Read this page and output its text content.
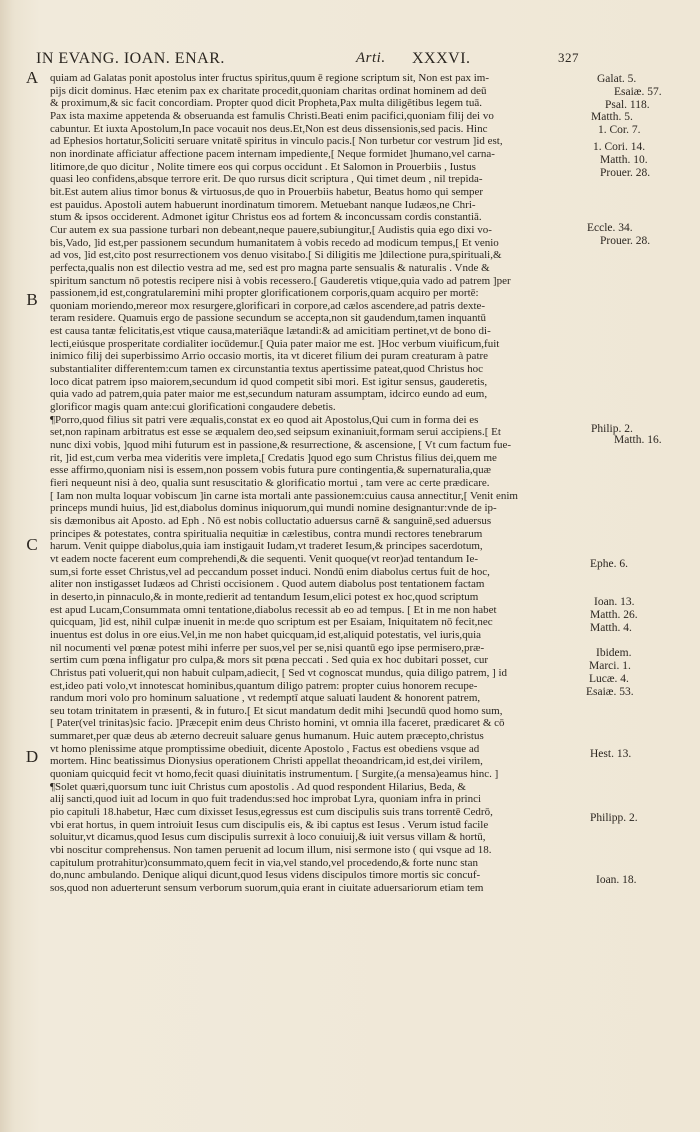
IN EVANG. IOAN. ENAR.	Arti. XXXVI.	327
A
B
C
D
quiam ad Galatas ponit apostolus inter fructus spiritus,quum ē regione scriptum sit, Non est pax im-
pijs dicit dominus. Hæc etenim pax ex charitate procedit,quoniam charitas ordinat hominem ad deū
& proximum,& sic facit concordiam. Propter quod dicit Propheta,Pax multa diligētibus legem tuā.
Pax ista maxime appetenda & obseruanda est famulis Christi.Beati enim pacifici,quoniam filij dei vo
cabuntur. Et iuxta Apostolum,In pace vocauit nos deus.Et,Non est deus dissensionis,sed pacis. Hinc
ad Ephesios hortatur,Soliciti seruare vnitatē spiritus in vinculo pacis.[ Non turbetur cor vestrum ]id est,
non inordinate afficiatur affectione pacem internam impediente,[ Neque formidet ]humano,vel carna-
litimore,de quo dicitur , Nolite timere eos qui corpus occidunt . Et Salomon in Prouerbiis , Iustus
quasi leo confidens,absque terrore erit. De quo rursus dicit scriptura , Qui timet deum , nil trepida-
bit.Est autem alius timor bonus & virtuosus,de quo in Prouerbiis habetur, Beatus homo qui semper
est pauidus. Apostoli autem habuerunt inordinatum timorem. Metuebant nanque Iudæos,ne Chri-
stum & ipsos occiderent. Admonet igitur Christus eos ad fortem & inconcussam cordis constantiā.
Cur autem ex sua passione turbari non debeant,neque pauere,subiungitur,[ Audistis quia ego dixi vo-
bis,Vado, ]id est,per passionem secundum humanitatem à vobis recedo ad modicum tempus,[ Et venio
ad vos, ]id est,cito post resurrectionem vos denuo visitabo.[ Si diligitis me ]dilectione pura,spirituali,&
perfecta,qualis non est dilectio vestra ad me, sed est pro magna parte sensualis & naturalis . Vnde &
spiritum sanctum nō potestis recipere nisi à vobis recessero.[ Gauderetis vtique,quia vado ad patrem ]per
passionem,id est,congratularemini mihi propter glorificationem corporis,quam acquiro per mortē:
quoniam moriendo,mereor mox resurgere,glorificari in corpore,ad cælos ascendere,ad patris dexte-
teram residere. Quamuis ergo de passione secundum se accepta,non sit gaudendum,tamen inquantū
est causa tantæ felicitatis,est vtique causa,materiāque lætandi:& ad amicitiam pertinet,vt de bono di-
lecti,eiúsque prosperitate cordialiter iocūdemur.[ Quia pater maior me est. ]Hoc verbum viuificum,fuit
inimico filij dei superbissimo Arrio occasio mortis, ita vt diceret filium dei puram creaturam à patre
substantialiter differentem:cum tamen ex circunstantia textus apertissime pateat,quod Christus hoc
loco dicat patrem ipso maiorem,secundum id quod competit sibi mori. Est igitur sensus, gauderetis,
quia vado ad patrem,quia pater maior me est,secundum naturam assumptam, idcirco eundo ad eum,
glorificor magis quam ante:cui glorificationi congaudere debetis.
¶Porro,quod filius sit patri vere æqualis,constat ex eo quod ait Apostolus,Qui cum in forma dei es
set,non rapinam arbitratus est esse se æqualem deo,sed seipsum exinaniuit,formam serui accipiens.[ Et
nunc dixi vobis, ]quod mihi futurum est in passione,& resurrectione, & ascensione, [ Vt cum factum fue-
rit, ]id est,cum verba mea videritis vere impleta,[ Credatis ]quod ego sum Christus filius dei,quem me
esse affirmo,quoniam nisi is essem,non possem vobis futura pure contingentia,& supernaturalia,quæ
fieri nequeunt nisi à deo, qualia sunt resuscitatio & glorificatio mortui , tam vere ac certe prædicare.
[ Iam non multa loquar vobiscum ]in carne ista mortali ante passionem:cuius causa annectitur,[ Venit enim
princeps mundi huius, ]id est,diabolus dominus iniquorum,qui mundi nomine designantur:vnde de ip-
sis dæmonibus ait Aposto. ad Eph . Nō est nobis colluctatio aduersus carnē & sanguinē,sed aduersus
principes & potestates, contra spiritualia nequitiæ in cælestibus, contra mundi rectores tenebrarum
harum. Venit quippe diabolus,quia iam instigauit Iudam,vt traderet Iesum,& principes sacerdotum,
vt eadem nocte facerent eum comprehendi,& die sequenti. Venit quoque(vt reor)ad tentandum Ie-
sum,si forte esset Christus,vel ad peccandum posset induci. Nondū enim diabolus certus fuit de hoc,
aliter non instigasset Iudæos ad Christi occisionem . Quod autem diabolus post tentationem factam
in deserto,in pinnaculo,& in monte,redierit ad tentandum Iesum,elici potest ex hoc,quod scriptum
est apud Lucam,Consummata omni tentatione,diabolus recessit ab eo ad tempus. [ Et in me non habet
quicquam, ]id est, nihil culpæ inuenit in me:de quo scriptum est per Esaiam, Iniquitatem nō fecit,nec
inuentus est dolus in ore eius.Vel,in me non habet quicquam,id est,aliquid potestatis, vel iuris,quia
nil nocumenti vel pœnæ potest mihi inferre per suos,vel per se,nisi quantū ego ipse permisero,præ-
sertim cum pœna infligatur pro culpa,& mors sit pœna peccati . Sed quia ex hoc dubitari posset, cur
Christus pati voluerit,qui non habuit culpam,adiecit, [ Sed vt cognoscat mundus, quia diligo patrem, ] id
est,ideo pati volo,vt innotescat hominibus,quantum diligo patrem: propter cuius honorem recupe-
randum mori volo pro hominum saluatione , vt redemptī atque saluati laudent & honorent patrem,
seu totam trinitatem in præsenti, & in futuro.[ Et sicut mandatum dedit mihi ]secundū quod homo sum,
[ Pater(vel trinitas)sic facio. ]Præcepit enim deus Christo homini, vt omnia illa faceret, prædicaret & cō
summaret,per quæ deus ab æterno decreuit saluare genus humanum. Huic autem præcepto,christus
vt homo plenissime atque promptissime obediuit, dicente Apostolo , Factus est obediens vsque ad
mortem. Hinc beatissimus Dionysius operationem Christi appellat theoandricam,id est,dei virilem,
quoniam quicquid fecit vt homo,fecit quasi diuinitatis instrumentum. [ Surgite,(a mensa)eamus hinc. ]
¶Solet quæri,quorsum tunc iuit Christus cum apostolis . Ad quod respondent Hilarius, Beda, &
alij sancti,quod iuit ad locum in quo fuit tradendus:sed hoc improbat Lyra, quoniam infra in princi
pio capituli 18.habetur, Hæc cum dixisset Iesus,egressus est cum discipulis suis trans torrentē Cedrō,
vbi erat hortus, in quem introiuit Iesus cum discipulis eis, & ibi captus est Iesus . Verum istud facile
soluitur,vt dicamus,quod Iesus cum discipulis surrexit à loco conuiuij,& iuit versus villam & hortū,
vbi noscitur comprehensus. Non tamen peruenit ad locum illum, nisi sermone isto ( qui vsque ad 18.
capitulum protrahitur)consummato,quem fecit in via,vel stando,vel procedendo,& forte nunc stan
do,nunc ambulando. Denique aliqui dicunt,quod Iesus videns discipulos timore mortis sic concuf-
sos,quod non aduerterunt sensum verborum suorum,quia erant in ciuitate aduersariorum etiam tem
Galat. 5.
Esaiæ. 57.
Psal. 118.
Matth. 5.
1. Cor. 7.
1. Cori. 14.
Matth. 10.
Prouer. 28.
Eccle. 34.
Prouer. 28.
Philip. 2.
Matth. 16.
Ephe. 6.
Ioan. 13.
Matth. 26.
Matth. 4.
Ibidem.
Marci. 1.
Lucæ. 4.
Esaiæ. 53.
Hest. 13.
Philipp. 2.
Ioan. 18.
